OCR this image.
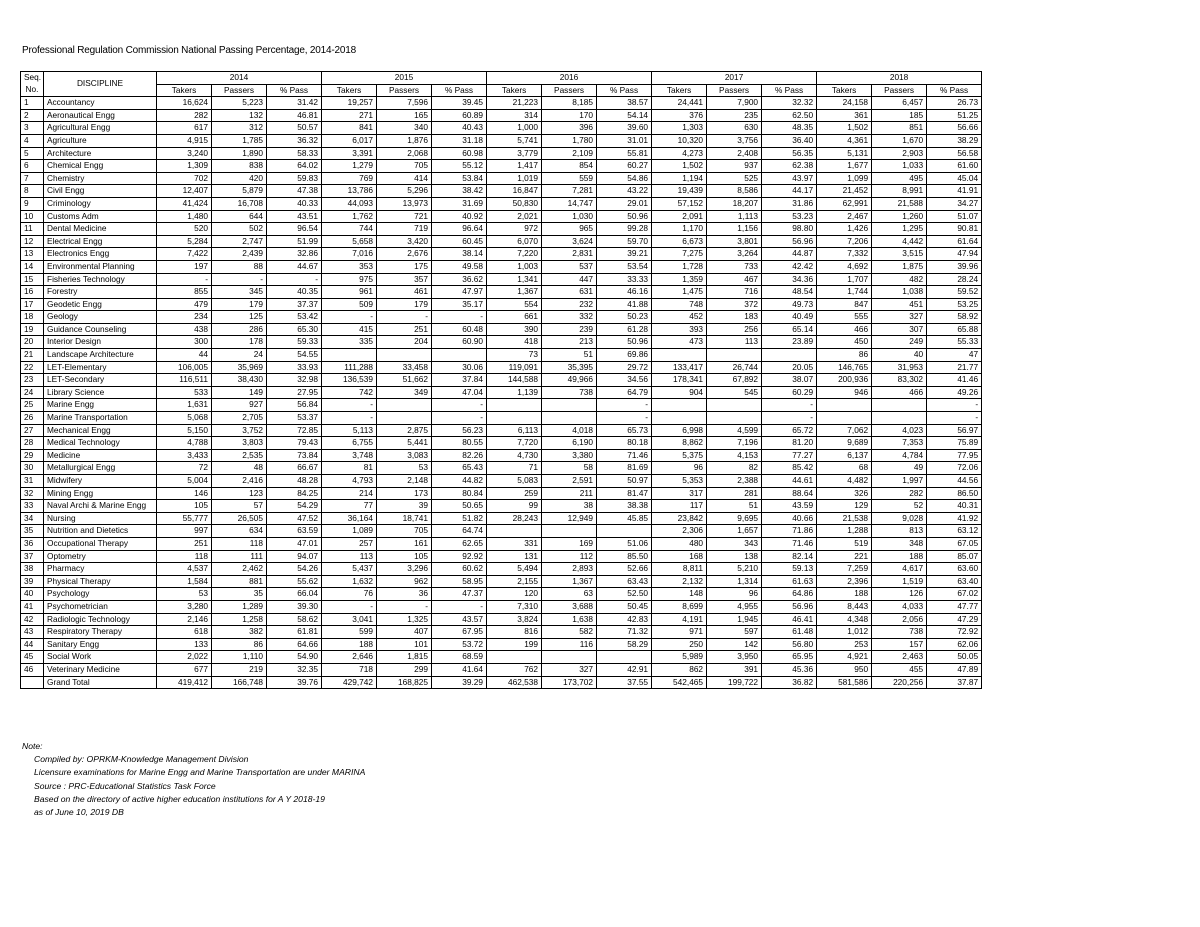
Professional Regulation Commission National Passing Percentage, 2014-2018
Seq.	DISCIPLINE	2014			2015			2016			2017			2018		
No.		Takers	Passers	% Pass	Takers	Passers	% Pass	Takers	Passers	% Pass	Takers	Passers	% Pass	Takers	Passers	% Pass
1	Accountancy	16,624	5,223	31.42	19,257	7,596	39.45	21,223	8,185	38.57	24,441	7,900	32.32	24,158	6,457	26.73
2	Aeronautical Engg	282	132	46.81	271	165	60.89	314	170	54.14	376	235	62.50	361	185	51.25
3	Agricultural Engg	617	312	50.57	841	340	40.43	1,000	396	39.60	1,303	630	48.35	1,502	851	56.66
4	Agriculture	4,915	1,785	36.32	6,017	1,876	31.18	5,741	1,780	31.01	10,320	3,756	36.40	4,361	1,670	38.29
5	Architecture	3,240	1,890	58.33	3,391	2,068	60.98	3,779	2,109	55.81	4,273	2,408	56.35	5,131	2,903	56.58
6	Chemical Engg	1,309	838	64.02	1,279	705	55.12	1,417	854	60.27	1,502	937	62.38	1,677	1,033	61.60
7	Chemistry	702	420	59.83	769	414	53.84	1,019	559	54.86	1,194	525	43.97	1,099	495	45.04
8	Civil Engg	12,407	5,879	47.38	13,786	5,296	38.42	16,847	7,281	43.22	19,439	8,586	44.17	21,452	8,991	41.91
9	Criminology	41,424	16,708	40.33	44,093	13,973	31.69	50,830	14,747	29.01	57,152	18,207	31.86	62,991	21,588	34.27
10	Customs Adm	1,480	644	43.51	1,762	721	40.92	2,021	1,030	50.96	2,091	1,113	53.23	2,467	1,260	51.07
11	Dental Medicine	520	502	96.54	744	719	96.64	972	965	99.28	1,170	1,156	98.80	1,426	1,295	90.81
12	Electrical Engg	5,284	2,747	51.99	5,658	3,420	60.45	6,070	3,624	59.70	6,673	3,801	56.96	7,206	4,442	61.64
13	Electronics Engg	7,422	2,439	32.86	7,016	2,676	38.14	7,220	2,831	39.21	7,275	3,264	44.87	7,332	3,515	47.94
14	Environmental Planning	197	88	44.67	353	175	49.58	1,003	537	53.54	1,728	733	42.42	4,692	1,875	39.96
15	Fisheries Technology	-	-	-	975	357	36.62	1,341	447	33.33	1,359	467	34.36	1,707	482	28.24
16	Forestry	855	345	40.35	961	461	47.97	1,367	631	46.16	1,475	716	48.54	1,744	1,038	59.52
17	Geodetic Engg	479	179	37.37	509	179	35.17	554	232	41.88	748	372	49.73	847	451	53.25
18	Geology	234	125	53.42	-	-	-	661	332	50.23	452	183	40.49	555	327	58.92
19	Guidance Counseling	438	286	65.30	415	251	60.48	390	239	61.28	393	256	65.14	466	307	65.88
20	Interior Design	300	178	59.33	335	204	60.90	418	213	50.96	473	113	23.89	450	249	55.33
21	Landscape Architecture	44	24	54.55				73	51	69.86				86	40	47
22	LET-Elementary	106,005	35,969	33.93	111,288	33,458	30.06	119,091	35,395	29.72	133,417	26,744	20.05	146,765	31,953	21.77
23	LET-Secondary	116,511	38,430	32.98	136,539	51,662	37.84	144,588	49,966	34.56	178,341	67,892	38.07	200,936	83,302	41.46
24	Library Science	533	149	27.95	742	349	47.04	1,139	738	64.79	904	545	60.29	946	466	49.26
25	Marine Engg	1,631	927	56.84	-		-			-			-			-
26	Marine Transportation	5,068	2,705	53.37	-		-			-			-			-
27	Mechanical Engg	5,150	3,752	72.85	5,113	2,875	56.23	6,113	4,018	65.73	6,998	4,599	65.72	7,062	4,023	56.97
28	Medical Technology	4,788	3,803	79.43	6,755	5,441	80.55	7,720	6,190	80.18	8,862	7,196	81.20	9,689	7,353	75.89
29	Medicine	3,433	2,535	73.84	3,748	3,083	82.26	4,730	3,380	71.46	5,375	4,153	77.27	6,137	4,784	77.95
30	Metallurgical Engg	72	48	66.67	81	53	65.43	71	58	81.69	96	82	85.42	68	49	72.06
31	Midwifery	5,004	2,416	48.28	4,793	2,148	44.82	5,083	2,591	50.97	5,353	2,388	44.61	4,482	1,997	44.56
32	Mining Engg	146	123	84.25	214	173	80.84	259	211	81.47	317	281	88.64	326	282	86.50
33	Naval Archi & Marine Engg	105	57	54.29	77	39	50.65	99	38	38.38	117	51	43.59	129	52	40.31
34	Nursing	55,777	26,505	47.52	36,164	18,741	51.82	28,243	12,949	45.85	23,842	9,695	40.66	21,538	9,028	41.92
35	Nutrition and Dietetics	997	634	63.59	1,089	705	64.74				2,306	1,657	71.86	1,288	813	63.12
36	Occupational Therapy	251	118	47.01	257	161	62.65	331	169	51.06	480	343	71.46	519	348	67.05
37	Optometry	118	111	94.07	113	105	92.92	131	112	85.50	168	138	82.14	221	188	85.07
38	Pharmacy	4,537	2,462	54.26	5,437	3,296	60.62	5,494	2,893	52.66	8,811	5,210	59.13	7,259	4,617	63.60
39	Physical Therapy	1,584	881	55.62	1,632	962	58.95	2,155	1,367	63.43	2,132	1,314	61.63	2,396	1,519	63.40
40	Psychology	53	35	66.04	76	36	47.37	120	63	52.50	148	96	64.86	188	126	67.02
41	Psychometrician	3,280	1,289	39.30	-	-	-	7,310	3,688	50.45	8,699	4,955	56.96	8,443	4,033	47.77
42	Radiologic Technology	2,146	1,258	58.62	3,041	1,325	43.57	3,824	1,638	42.83	4,191	1,945	46.41	4,348	2,056	47.29
43	Respiratory Therapy	618	382	61.81	599	407	67.95	816	582	71.32	971	597	61.48	1,012	738	72.92
44	Sanitary Engg	133	86	64.66	188	101	53.72	199	116	58.29	250	142	56.80	253	157	62.06
45	Social Work	2,022	1,110	54.90	2,646	1,815	68.59				5,989	3,950	65.95	4,921	2,463	50.05
46	Veterinary Medicine	677	219	32.35	718	299	41.64	762	327	42.91	862	391	45.36	950	455	47.89
	Grand Total	419,412	166,748	39.76	429,742	168,825	39.29	462,538	173,702	37.55	542,465	199,722	36.82	581,586	220,256	37.87
Note:
Compiled by: OPRKM-Knowledge Management Division
Licensure examinations for Marine Engg and Marine Transportation are under MARINA
Source : PRC-Educational Statistics Task Force
Based on the directory of active higher education institutions for A Y 2018-19
as of June 10, 2019 DB
